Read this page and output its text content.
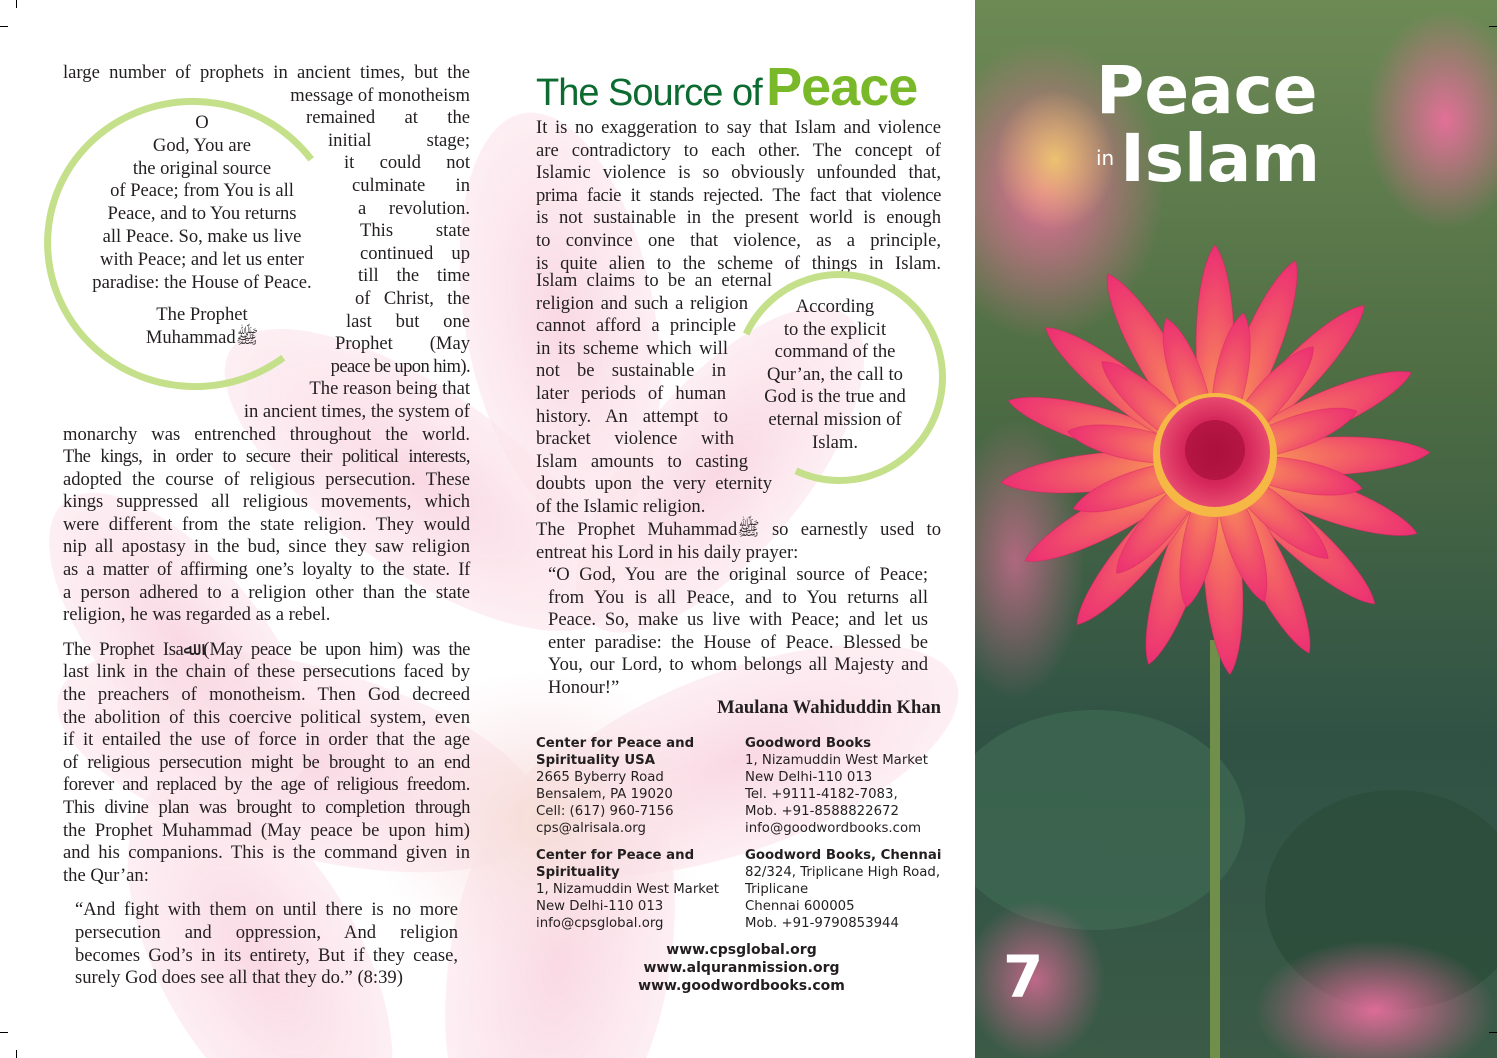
large number of prophets in ancient times, but the
message of monotheism
remained at the
initial stage;
it could not
culminate in
a revolution.
This state
continued up
till the time
of Christ, the
last but one
Prophet (May
peace be upon him).
The reason being that
in ancient times, the system of
monarchy was entrenched throughout the world.
The kings, in order to secure their political interests,
adopted the course of religious persecution. These
kings suppressed all religious movements, which
were different from the state religion. They would
nip all apostasy in the bud, since they saw religion
as a matter of affirming one’s loyalty to the state. If
a person adhered to a religion other than the state
religion, he was regarded as a rebel.
The Prophet Isaﷲ (May peace be upon him) was the
last link in the chain of these persecutions faced by
the preachers of monotheism. Then God decreed
the abolition of this coercive political system, even
if it entailed the use of force in order that the age
of religious persecution might be brought to an end
forever and replaced by the age of religious freedom.
This divine plan was brought to completion through
the Prophet Muhammad (May peace be upon him)
and his companions. This is the command given in
the Qur’an:
“And fight with them on until there is no more
persecution and oppression, And religion
becomes God’s in its entirety, But if they cease,
surely God does see all that they do.” (8:39)
O
God, You are
the original source
of Peace; from You is all
Peace, and to You returns
all Peace. So, make us live
with Peace; and let us enter
paradise: the House of Peace.
The Prophet
Muhammadﷺ
The Source of Peace
It is no exaggeration to say that Islam and violence
are contradictory to each other. The concept of
Islamic violence is so obviously unfounded that,
prima facie it stands rejected. The fact that violence
is not sustainable in the present world is enough
to convince one that violence, as a principle,
is quite alien to the scheme of things in Islam.
Islam claims to be an eternal
religion and such a religion
cannot afford a principle
in its scheme which will
not be sustainable in
later periods of human
history. An attempt to
bracket violence with
Islam amounts to casting
doubts upon the very eternity
of the Islamic religion.
According
to the explicit
command of the
Qur’an, the call to
God is the true and
eternal mission of
Islam.
The Prophet Muhammadﷺ so earnestly used to
entreat his Lord in his daily prayer:
“O God, You are the original source of Peace;
from You is all Peace, and to You returns all
Peace. So, make us live with Peace; and let us
enter paradise: the House of Peace. Blessed be
You, our Lord, to whom belongs all Majesty and
Honour!”
Maulana Wahiduddin Khan
Center for Peace and
Spirituality USA
2665 Byberry Road
Bensalem, PA 19020
Cell: (617) 960-7156
cps@alrisala.org
Goodword Books
1, Nizamuddin West Market
New Delhi-110 013
Tel. +9111-4182-7083,
Mob. +91-8588822672
info@goodwordbooks.com
Center for Peace and
Spirituality
1, Nizamuddin West Market
New Delhi-110 013
info@cpsglobal.org
Goodword Books, Chennai
82/324, Triplicane High Road,
Triplicane
Chennai 600005
Mob. +91-9790853944
www.cpsglobal.org
www.alquranmission.org
www.goodwordbooks.com
Peace
inIslam
7
